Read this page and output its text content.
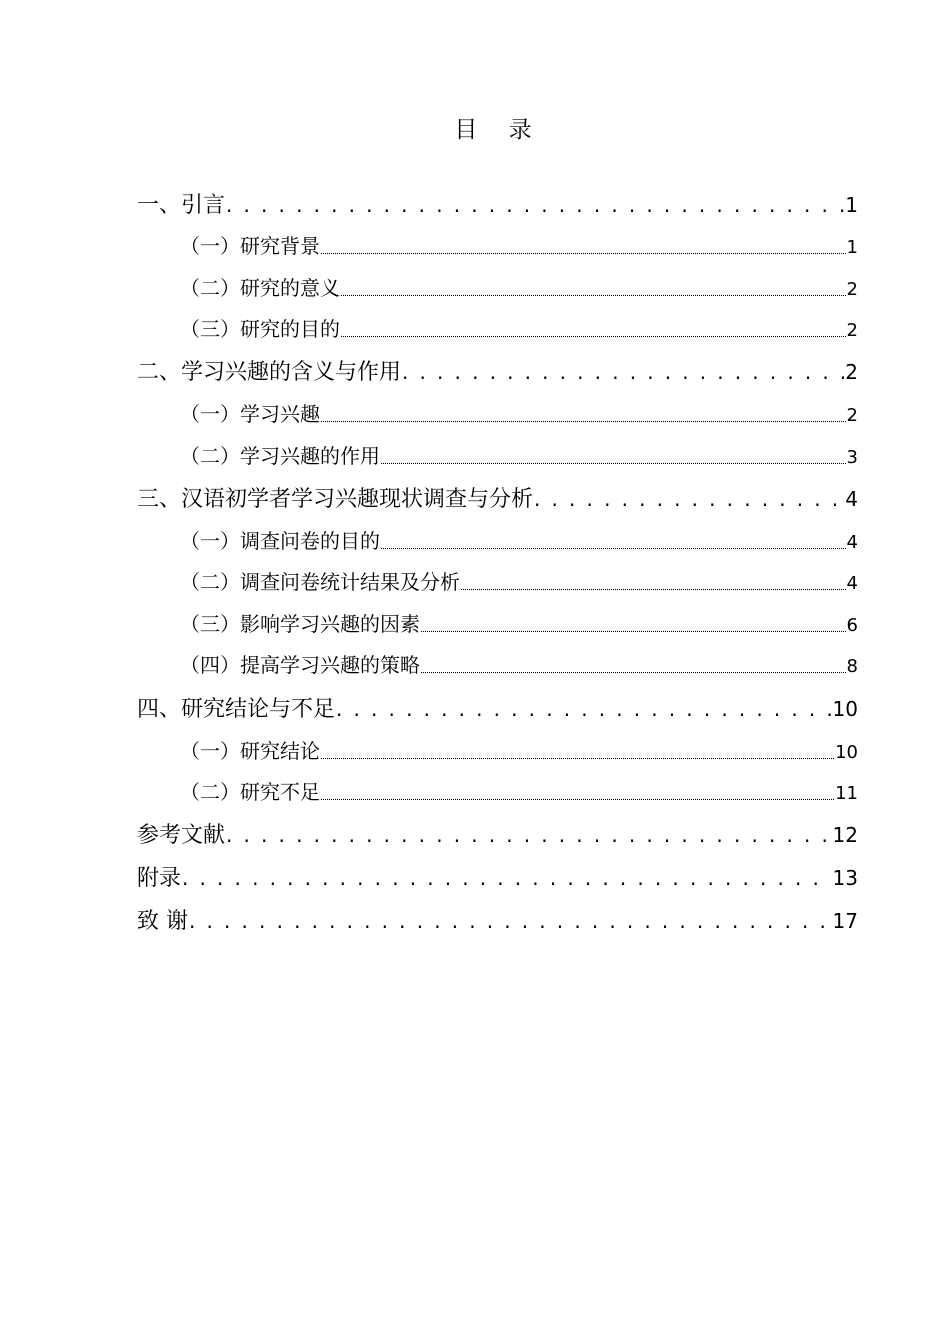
目 录
一、引言 . . .	1
（一）研究背景	1
（二）研究的意义	2
（三）研究的目的	2
二、学习兴趣的含义与作用 . . .	2
（一）学习兴趣	2
（二）学习兴趣的作用	3
三、汉语初学者学习兴趣现状调查与分析 . . .	4
（一）调查问卷的目的	4
（二）调查问卷统计结果及分析	4
（三）影响学习兴趣的因素	6
（四）提高学习兴趣的策略	8
四、研究结论与不足 . . .	10
（一）研究结论	10
（二）研究不足	11
参考文献 . . .	12
附录 . . .	13
致 谢 . . .	17
